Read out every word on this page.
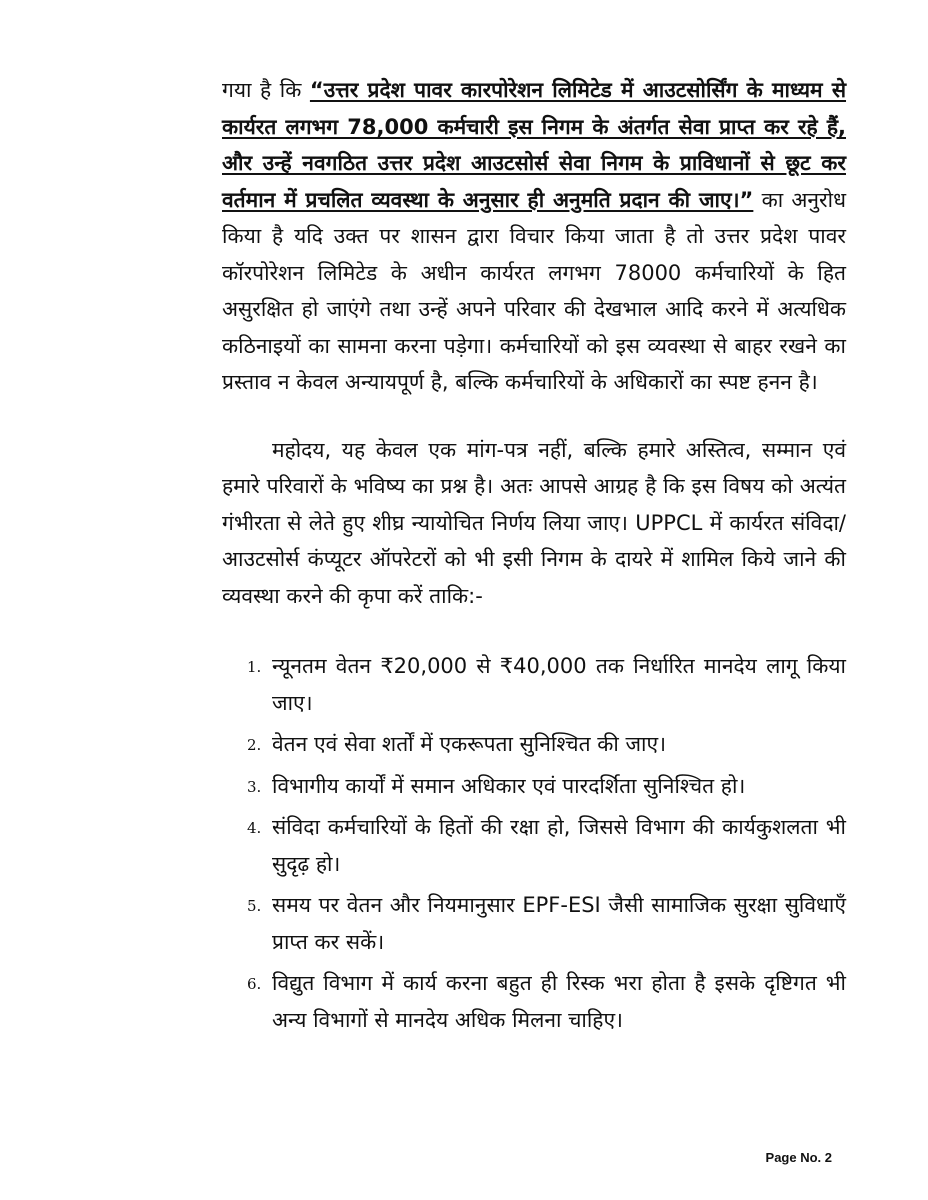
गया है कि “उत्तर प्रदेश पावर कारपोरेशन लिमिटेड में आउटसोर्सिंग के माध्यम से कार्यरत लगभग 78,000 कर्मचारी इस निगम के अंतर्गत सेवा प्राप्त कर रहे हैं, और उन्हें नवगठित उत्तर प्रदेश आउटसोर्स सेवा निगम के प्राविधानों से छूट कर वर्तमान में प्रचलित व्यवस्था के अनुसार ही अनुमति प्रदान की जाए।” का अनुरोध किया है यदि उक्त पर शासन द्वारा विचार किया जाता है तो उत्तर प्रदेश पावर कॉरपोरेशन लिमिटेड के अधीन कार्यरत लगभग 78000 कर्मचारियों के हित असुरक्षित हो जाएंगे तथा उन्हें अपने परिवार की देखभाल आदि करने में अत्यधिक कठिनाइयों का सामना करना पड़ेगा। कर्मचारियों को इस व्यवस्था से बाहर रखने का प्रस्ताव न केवल अन्यायपूर्ण है, बल्कि कर्मचारियों के अधिकारों का स्पष्ट हनन है।

महोदय, यह केवल एक मांग-पत्र नहीं, बल्कि हमारे अस्तित्व, सम्मान एवं हमारे परिवारों के भविष्य का प्रश्न है। अतः आपसे आग्रह है कि इस विषय को अत्यंत गंभीरता से लेते हुए शीघ्र न्यायोचित निर्णय लिया जाए। UPPCL में कार्यरत संविदा/आउटसोर्स कंप्यूटर ऑपरेटरों को भी इसी निगम के दायरे में शामिल किये जाने की व्यवस्था करने की कृपा करें ताकि:-

1. न्यूनतम वेतन ₹20,000 से ₹40,000 तक निर्धारित मानदेय लागू किया जाए।
2. वेतन एवं सेवा शर्तों में एकरूपता सुनिश्चित की जाए।
3. विभागीय कार्यों में समान अधिकार एवं पारदर्शिता सुनिश्चित हो।
4. संविदा कर्मचारियों के हितों की रक्षा हो, जिससे विभाग की कार्यकुशलता भी सुदृढ़ हो।
5. समय पर वेतन और नियमानुसार EPF-ESI जैसी सामाजिक सुरक्षा सुविधाएँ प्राप्त कर सकें।
6. विद्युत विभाग में कार्य करना बहुत ही रिस्क भरा होता है इसके दृष्टिगत भी अन्य विभागों से मानदेय अधिक मिलना चाहिए।
Page No. 2
